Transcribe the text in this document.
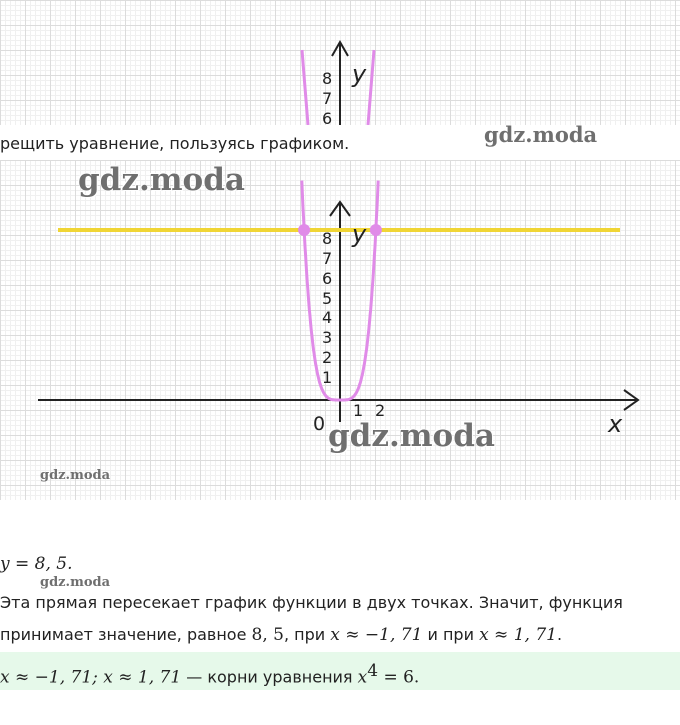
y
8
7
6
рещить уравнение, пользуясь графиком.	gdz.moda
y
x
0
1 2
8
7
6
5
4
3
2
1
gdz.moda
gdz.moda
gdz.moda
y = 8, 5.
gdz.moda
Эта прямая пересекает график функции в двух точках. Значит, функция
принимает значение, равное 8, 5, при x ≈ −1, 71 и при x ≈ 1, 71.
x ≈ −1, 71; x ≈ 1, 71 — корни уравнения $x^4 = 6$.
